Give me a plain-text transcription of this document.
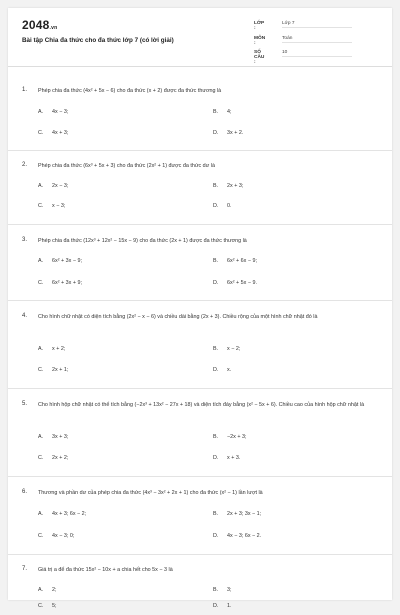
2048.vn
Bài tập Chia đa thức cho đa thức lớp 7 (có lời giải)
LỚP :
Lớp 7
MÔN :
Toán
SỐ CÂU :
10
1. Phép chia đa thức (4x² + 5x − 6) cho đa thức (x + 2) được đa thức thương là
A. 4x − 3;	B. 4;
C. 4x + 3;	D. 3x + 2.
2. Phép chia đa thức (6x³ + 5x + 3) cho đa thức (2x² + 1) được đa thức dư là
A. 2x − 3;	B. 2x + 3;
C. x − 3;	D. 0.
3. Phép chia đa thức (12x³ + 12x² − 15x − 9) cho đa thức (2x + 1) được đa thức thương là
A. 6x² + 3x − 9;	B. 6x² + 6x − 9;
C. 6x² + 3x + 9;	D. 6x² + 5x − 9.
4. Cho hình chữ nhật có diện tích bằng (2x² − x − 6) và chiều dài bằng (2x + 3). Chiều rộng của một hình chữ nhật đó là
A. x + 2;	B. x − 2;
C. 2x + 1;	D. x.
5. Cho hình hộp chữ nhật có thể tích bằng (−2x³ + 13x² − 27x + 18) và diện tích đáy bằng (x² − 5x + 6). Chiều cao của hình hộp chữ nhật là
A. 3x + 3;	B. −2x + 3;
C. 2x + 2;	D. x + 3.
6. Thương và phần dư của phép chia đa thức (4x³ − 3x² + 2x + 1) cho đa thức (x² − 1) lần lượt là
A. 4x + 3; 6x − 2;	B. 2x + 3; 3x − 1;
C. 4x − 3; 0;	D. 4x − 3; 6x − 2.
7. Giá trị a để đa thức 15x² − 10x + a chia hết cho 5x − 3 là
A. 2;	B. 3;
C. 5;	D. 1.
